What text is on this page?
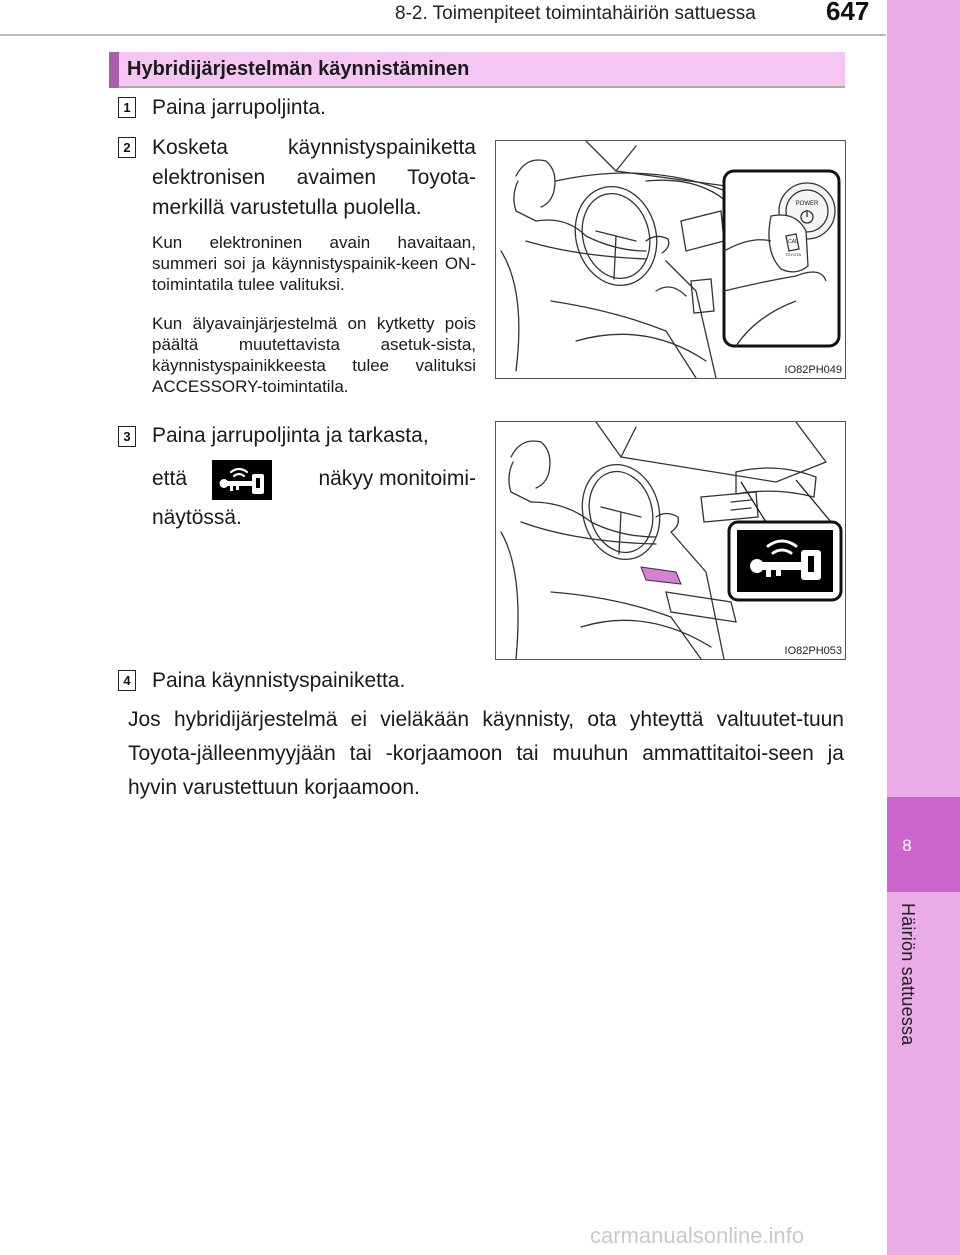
8-2. Toimenpiteet toimintahäiriön sattuessa	647
8
Häiriön sattuessa
Hybridijärjestelmän käynnistäminen
1 Paina jarrupoljinta.
2 Kosketa käynnistyspainiketta elektronisen avaimen Toyota-merkillä varustetulla puolella.
Kun elektroninen avain havaitaan, summeri soi ja käynnistyspainik-keen ON-toimintatila tulee valituksi.
Kun älyavainjärjestelmä on kytketty pois päältä muutettavista asetuk-sista, käynnistyspainikkeesta tulee valituksi ACCESSORY-toimintatila.
POWER
CAL
TOYOTA
IO82PH049
3 Paina jarrupoljinta ja tarkasta,
että	näkyy monitoimi-
näytössä.
IO82PH053
4 Paina käynnistyspainiketta.
Jos hybridijärjestelmä ei vieläkään käynnisty, ota yhteyttä valtuutet-tuun Toyota-jälleenmyyjään tai -korjaamoon tai muuhun ammattitaitoi-seen ja hyvin varustettuun korjaamoon.
carmanualsonline.info
